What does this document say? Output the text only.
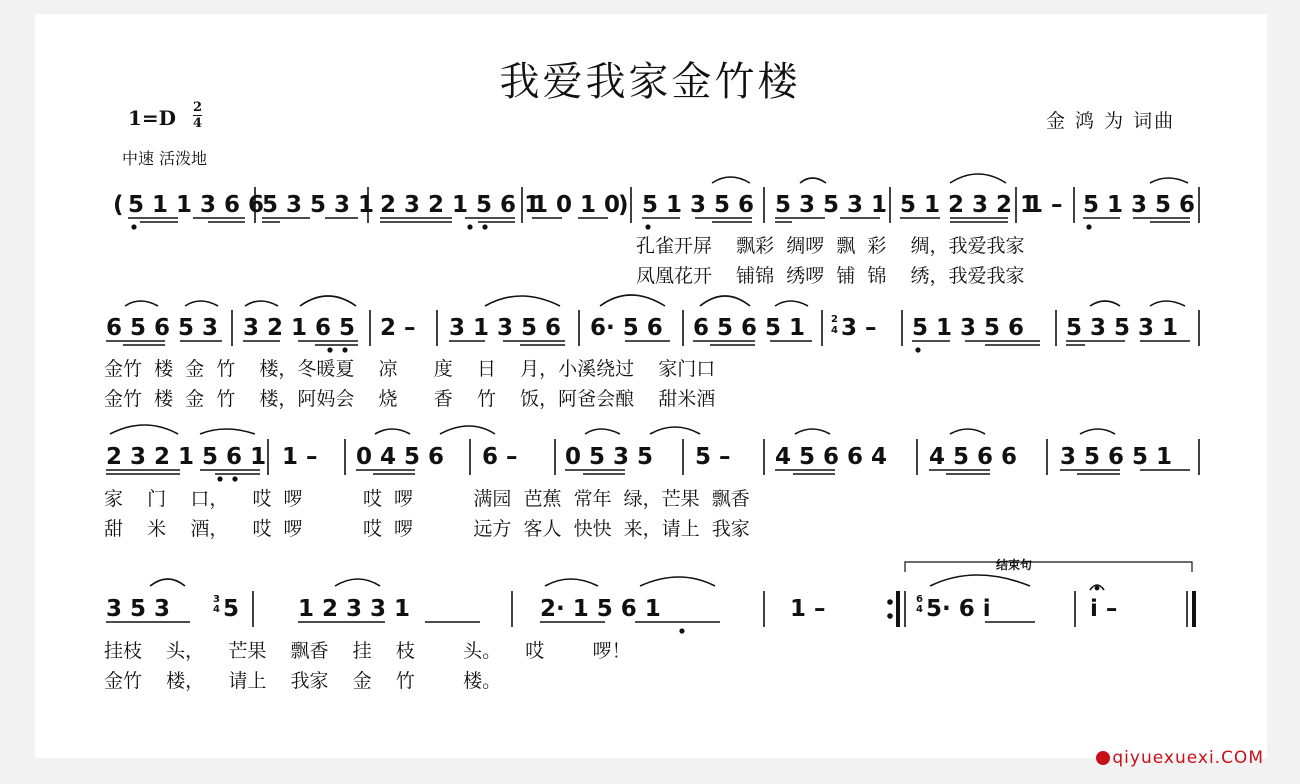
我爱我家金竹楼
$1=D \frac{2}{4}$
中速 活泼地
金 鸿 为 词曲
( 5 1 1 3 6 6
5 3 5 3 1 2 3 2 1 5 6 1
1 0 1 0
) 5 1 3 5 6 5 3 5 3 1 5 1 2 3 2 1
1 – 5 1 3 5 6
孔雀开屏    飘彩  绸啰  飘  彩    绸，我爱我家
凤凰花开    铺锦  绣啰  铺  锦    绣，我爱我家
6 5 6 5 3 3 2 1 6 5 2 – 3 1 3 5 6 6· 5 6 6 5 6 5 1	2
4 3 – 5 1 3 5 6 5 3 5 3 1
金竹  楼  金  竹    楼，冬暖夏    凉      度    日    月，小溪绕过    家门口
金竹  楼  金  竹    楼，阿妈会    烧      香    竹    饭，阿爸会酿    甜米酒
2 3 2 1 5 6 1 1 – 0 4 5 6 6 – 0 5 3 5 5 – 4 5 6 6 4 4 5 6 6 3 5 6 5 1
家    门    口，    哎  啰          哎  啰          满园  芭蕉  常年  绿，芒果  飘香
甜    米    酒，    哎  啰          哎  啰          远方  客人  快快  来，请上  我家
结束句
3 5 3	3
4 5	1 2 3 3 1	2· 1 5 6 1	1 –	6
4 5· 6 i	i –
挂枝    头，    芒果    飘香    挂    枝        头。    哎        啰！
金竹    楼，    请上    我家    金    竹        楼。
qiyuexuexi.COM
